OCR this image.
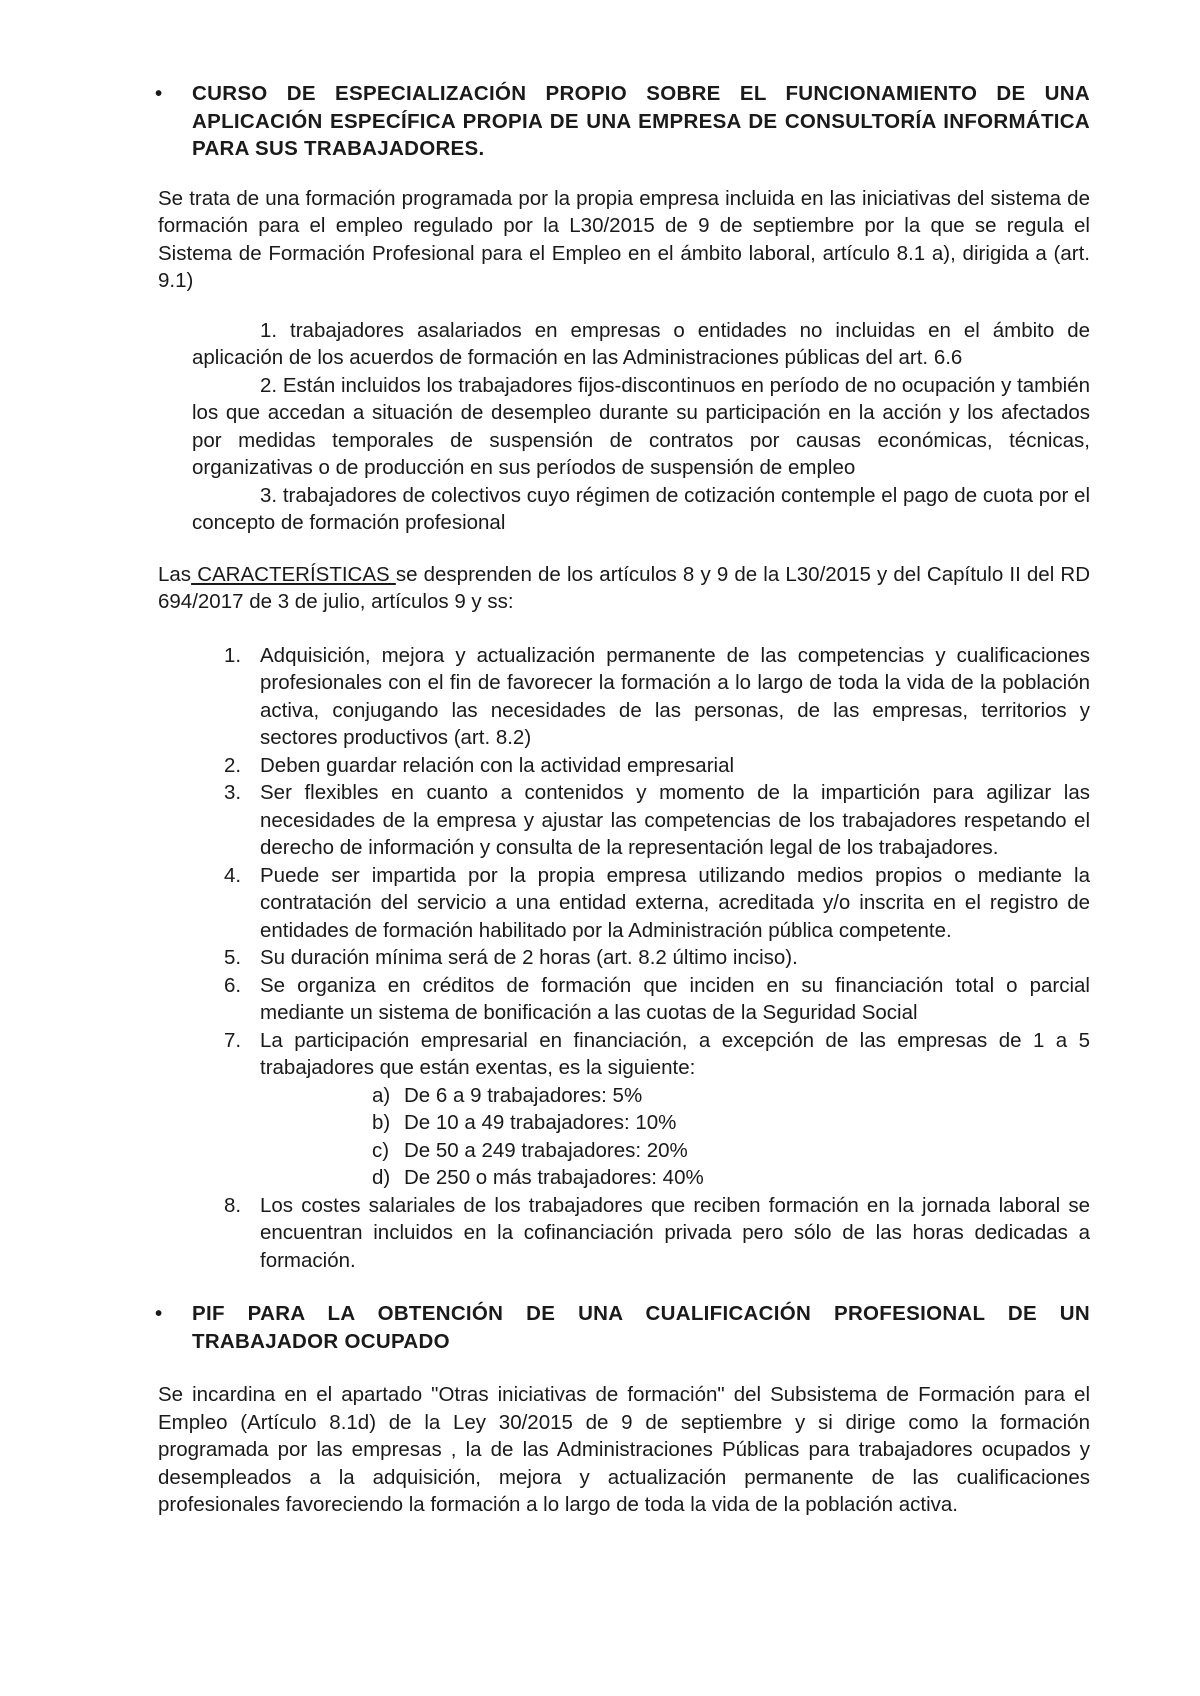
• CURSO DE ESPECIALIZACIÓN PROPIO SOBRE EL FUNCIONAMIENTO DE UNA APLICACIÓN ESPECÍFICA PROPIA DE UNA EMPRESA DE CONSULTORÍA INFORMÁTICA PARA SUS TRABAJADORES.
Se trata de una formación programada por la propia empresa incluida en las iniciativas del sistema de formación para el empleo regulado por la L30/2015 de 9 de septiembre por la que se regula el Sistema de Formación Profesional para el Empleo en el ámbito laboral, artículo 8.1 a), dirigida a (art. 9.1)
1. trabajadores asalariados en empresas o entidades no incluidas en el ámbito de aplicación de los acuerdos de formación en las Administraciones públicas del art. 6.6
2. Están incluidos los trabajadores fijos-discontinuos en período de no ocupación y también los que accedan a situación de desempleo durante su participación en la acción y los afectados por medidas temporales de suspensión de contratos por causas económicas, técnicas, organizativas o de producción en sus períodos de suspensión de empleo
3. trabajadores de colectivos cuyo régimen de cotización contemple el pago de cuota por el concepto de formación profesional
Las CARACTERÍSTICAS se desprenden de los artículos 8 y 9 de la L30/2015 y del Capítulo II del RD 694/2017 de 3 de julio, artículos 9 y ss:
1. Adquisición, mejora y actualización permanente de las competencias y cualificaciones profesionales con el fin de favorecer la formación a lo largo de toda la vida de la población activa, conjugando las necesidades de las personas, de las empresas, territorios y sectores productivos (art. 8.2)
2. Deben guardar relación con la actividad empresarial
3. Ser flexibles en cuanto a contenidos y momento de la impartición para agilizar las necesidades de la empresa y ajustar las competencias de los trabajadores respetando el derecho de información y consulta de la representación legal de los trabajadores.
4. Puede ser impartida por la propia empresa utilizando medios propios o mediante la contratación del servicio a una entidad externa, acreditada y/o inscrita en el registro de entidades de formación habilitado por la Administración pública competente.
5. Su duración mínima será de 2 horas (art. 8.2 último inciso).
6. Se organiza en créditos de formación que inciden en su financiación total o parcial mediante un sistema de bonificación a las cuotas de la Seguridad Social
7. La participación empresarial en financiación, a excepción de las empresas de 1 a 5 trabajadores que están exentas, es la siguiente:
a) De 6 a 9 trabajadores: 5%
b) De 10 a 49 trabajadores: 10%
c) De 50 a 249 trabajadores: 20%
d) De 250 o más trabajadores: 40%
8. Los costes salariales de los trabajadores que reciben formación en la jornada laboral se encuentran incluidos en la cofinanciación privada pero sólo de las horas dedicadas a formación.
• PIF PARA LA OBTENCIÓN DE UNA CUALIFICACIÓN PROFESIONAL DE UN TRABAJADOR OCUPADO
Se incardina en el apartado "Otras iniciativas de formación" del Subsistema de Formación para el Empleo (Artículo 8.1d) de la Ley 30/2015 de 9 de septiembre y si dirige como la formación programada por las empresas , la de las Administraciones Públicas para trabajadores ocupados y desempleados a la adquisición, mejora y actualización permanente de las cualificaciones profesionales favoreciendo la formación a lo largo de toda la vida de la población activa.
